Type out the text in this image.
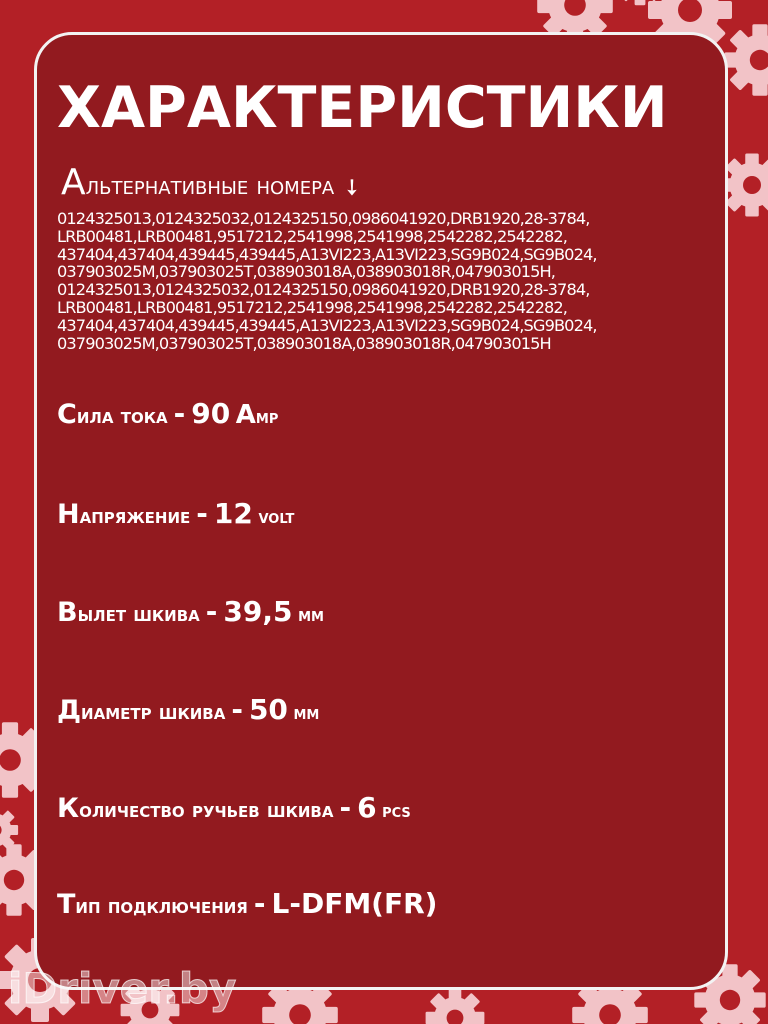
ХАРАКТЕРИСТИКИ
Альтернативные номера ➘
0124325013,0124325032,0124325150,0986041920,DRB1920,28-3784,
LRB00481,LRB00481,9517212,2541998,2541998,2542282,2542282,
437404,437404,439445,439445,A13VI223,A13VI223,SG9B024,SG9B024,
037903025M,037903025T,038903018A,038903018R,047903015H,
0124325013,0124325032,0124325150,0986041920,DRB1920,28-3784,
LRB00481,LRB00481,9517212,2541998,2541998,2542282,2542282,
437404,437404,439445,439445,A13VI223,A13VI223,SG9B024,SG9B024,
037903025M,037903025T,038903018A,038903018R,047903015H
Сила тока - 90 Амр
Напряжение - 12 volt
Вылет шкива - 39,5 мм
Диаметр шкива - 50 мм
Количество ручьев шкива - 6 pcs
Тип подключения - L-DFM(FR)
iDriver.by
